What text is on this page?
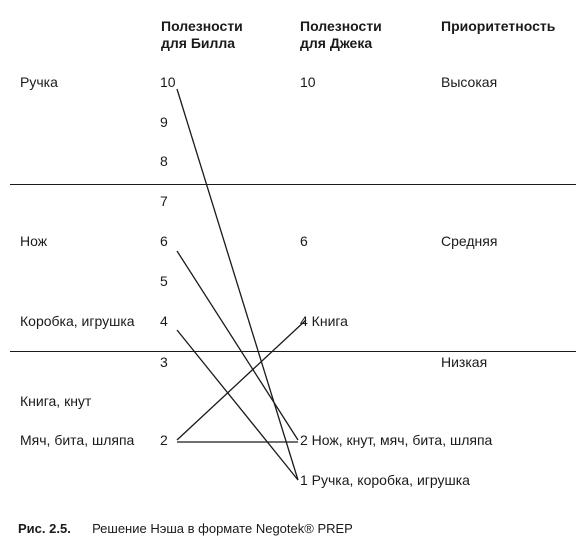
Полезности
для Билла
Полезности
для Джека
Приоритетность
Ручка
Нож
Коробка, игрушка
Книга, кнут
Мяч, бита, шляпа
10
9
8
7
6
5
4
3
2
10
6
4 Книга
2 Нож, кнут, мяч, бита, шляпа
1 Ручка, коробка, игрушка
Высокая
Средняя
Низкая
Рис. 2.5. Решение Нэша в формате Negotek® PREP
